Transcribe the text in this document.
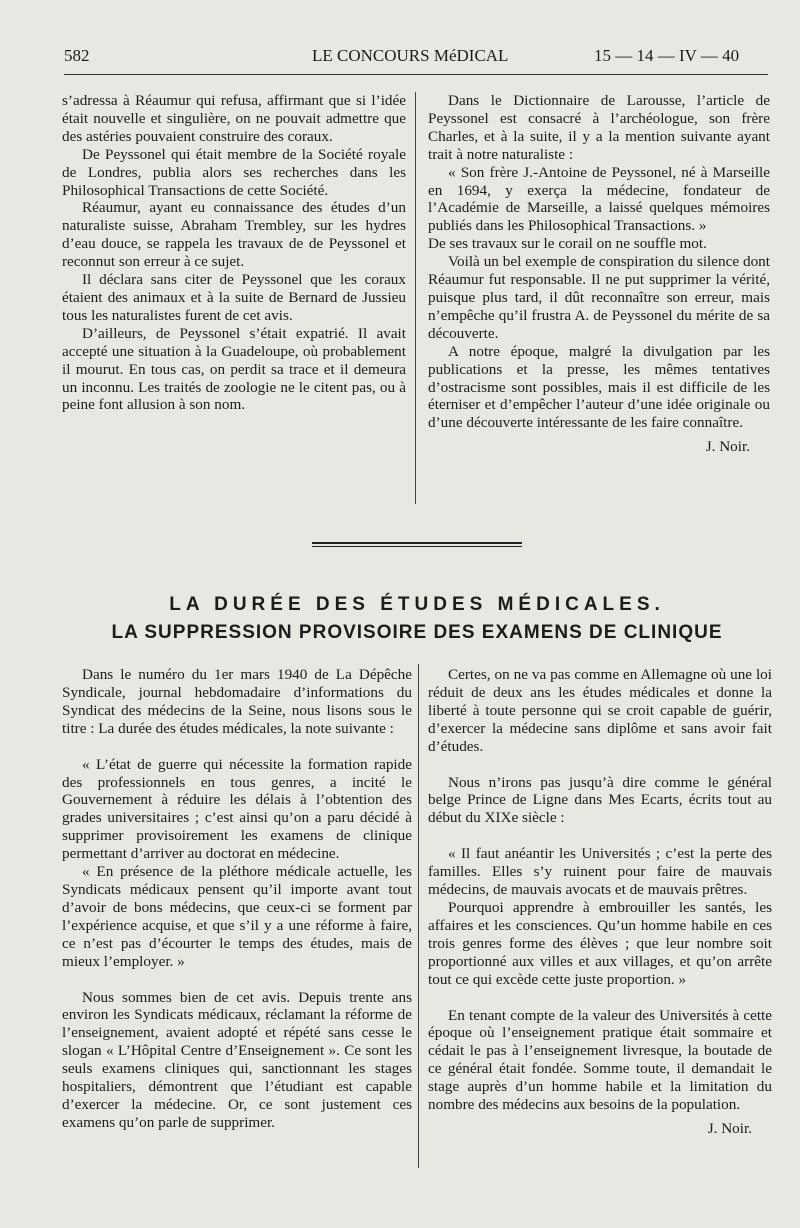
582	LE CONCOURS MéDICAL	15 — 14 — IV — 40

s’adressa à Réaumur qui refusa, affirmant que si l’idée était nouvelle et singulière, on ne pouvait admettre que des astéries pouvaient construire des coraux.

De Peyssonel qui était membre de la Société royale de Londres, publia alors ses recherches dans les Philosophical Transactions de cette Société.

Réaumur, ayant eu connaissance des études d’un naturaliste suisse, Abraham Trembley, sur les hydres d’eau douce, se rappela les travaux de de Peyssonel et reconnut son erreur à ce sujet.

Il déclara sans citer de Peyssonel que les coraux étaient des animaux et à la suite de Bernard de Jussieu tous les naturalistes furent de cet avis.

D’ailleurs, de Peyssonel s’était expatrié. Il avait accepté une situation à la Guadeloupe, où probablement il mourut. En tous cas, on perdit sa trace et il demeura un inconnu. Les traités de zoologie ne le citent pas, ou à peine font allusion à son nom.

Dans le Dictionnaire de Larousse, l’article de Peyssonel est consacré à l’archéologue, son frère Charles, et à la suite, il y a la mention suivante ayant trait à notre naturaliste :

« Son frère J.-Antoine de Peyssonel, né à Marseille en 1694, y exerça la médecine, fondateur de l’Académie de Marseille, a laissé quelques mémoires publiés dans les Philosophical Transactions. »

De ses travaux sur le corail on ne souffle mot.

Voilà un bel exemple de conspiration du silence dont Réaumur fut responsable. Il ne put supprimer la vérité, puisque plus tard, il dût reconnaître son erreur, mais n’empêche qu’il frustra A. de Peyssonel du mérite de sa découverte.

A notre époque, malgré la divulgation par les publications et la presse, les mêmes tentatives d’ostracisme sont possibles, mais il est difficile de les éterniser et d’empêcher l’auteur d’une idée originale ou d’une découverte intéressante de les faire connaître.

J. Noir.

LA DURÉE DES ÉTUDES MÉDICALES.
LA SUPPRESSION PROVISOIRE DES EXAMENS DE CLINIQUE

Dans le numéro du 1er mars 1940 de La Dépêche Syndicale, journal hebdomadaire d’informations du Syndicat des médecins de la Seine, nous lisons sous le titre : La durée des études médicales, la note suivante :

« L’état de guerre qui nécessite la formation rapide des professionnels en tous genres, a incité le Gouvernement à réduire les délais à l’obtention des grades universitaires ; c’est ainsi qu’on a paru décidé à supprimer provisoirement les examens de clinique permettant d’arriver au doctorat en médecine.

« En présence de la pléthore médicale actuelle, les Syndicats médicaux pensent qu’il importe avant tout d’avoir de bons médecins, que ceux-ci se forment par l’expérience acquise, et que s’il y a une réforme à faire, ce n’est pas d’écourter le temps des études, mais de mieux l’employer. »

Nous sommes bien de cet avis. Depuis trente ans environ les Syndicats médicaux, réclamant la réforme de l’enseignement, avaient adopté et répété sans cesse le slogan « L’Hôpital Centre d’Enseignement ». Ce sont les seuls examens cliniques qui, sanctionnant les stages hospitaliers, démontrent que l’étudiant est capable d’exercer la médecine. Or, ce sont justement ces examens qu’on parle de supprimer.

Certes, on ne va pas comme en Allemagne où une loi réduit de deux ans les études médicales et donne la liberté à toute personne qui se croit capable de guérir, d’exercer la médecine sans diplôme et sans avoir fait d’études.

Nous n’irons pas jusqu’à dire comme le général belge Prince de Ligne dans Mes Ecarts, écrits tout au début du XIXe siècle :

« Il faut anéantir les Universités ; c’est la perte des familles. Elles s’y ruinent pour faire de mauvais médecins, de mauvais avocats et de mauvais prêtres.

Pourquoi apprendre à embrouiller les santés, les affaires et les consciences. Qu’un homme habile en ces trois genres forme des élèves ; que leur nombre soit proportionné aux villes et aux villages, et qu’on arrête tout ce qui excède cette juste proportion. »

En tenant compte de la valeur des Universités à cette époque où l’enseignement pratique était sommaire et cédait le pas à l’enseignement livresque, la boutade de ce général était fondée. Somme toute, il demandait le stage auprès d’un homme habile et la limitation du nombre des médecins aux besoins de la population.

J. Noir.
